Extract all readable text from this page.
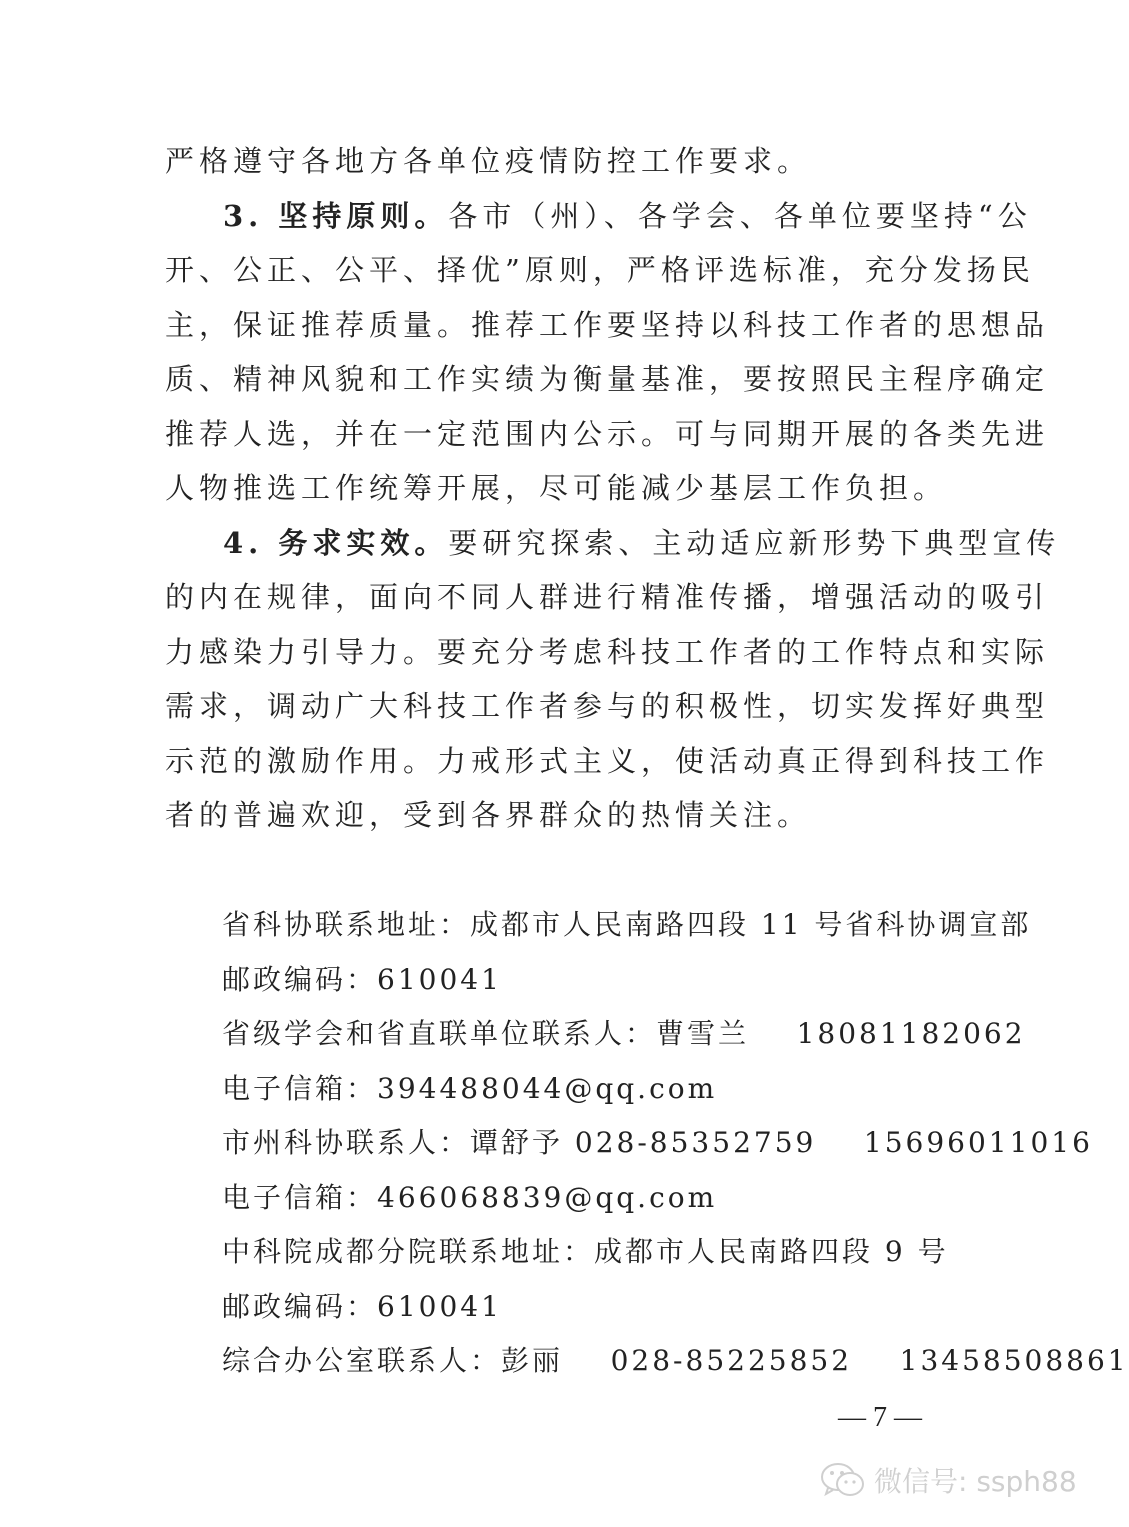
严格遵守各地方各单位疫情防控工作要求。
3. 坚持原则。各市（州）、各学会、各单位要坚持“公
开、公正、公平、择优”原则，严格评选标准，充分发扬民
主，保证推荐质量。推荐工作要坚持以科技工作者的思想品
质、精神风貌和工作实绩为衡量基准，要按照民主程序确定
推荐人选，并在一定范围内公示。可与同期开展的各类先进
人物推选工作统筹开展，尽可能减少基层工作负担。
4. 务求实效。要研究探索、主动适应新形势下典型宣传
的内在规律，面向不同人群进行精准传播，增强活动的吸引
力感染力引导力。要充分考虑科技工作者的工作特点和实际
需求，调动广大科技工作者参与的积极性，切实发挥好典型
示范的激励作用。力戒形式主义，使活动真正得到科技工作
者的普遍欢迎，受到各界群众的热情关注。
省科协联系地址：成都市人民南路四段 11 号省科协调宣部
邮政编码：610041
省级学会和省直联单位联系人：曹雪兰    18081182062
电子信箱：394488044@qq.com
市州科协联系人：谭舒予 028-85352759    15696011016
电子信箱：466068839@qq.com
中科院成都分院联系地址：成都市人民南路四段 9 号
邮政编码：610041
综合办公室联系人：彭丽    028-85225852    13458508861
— 7 —
微信号: ssph88
